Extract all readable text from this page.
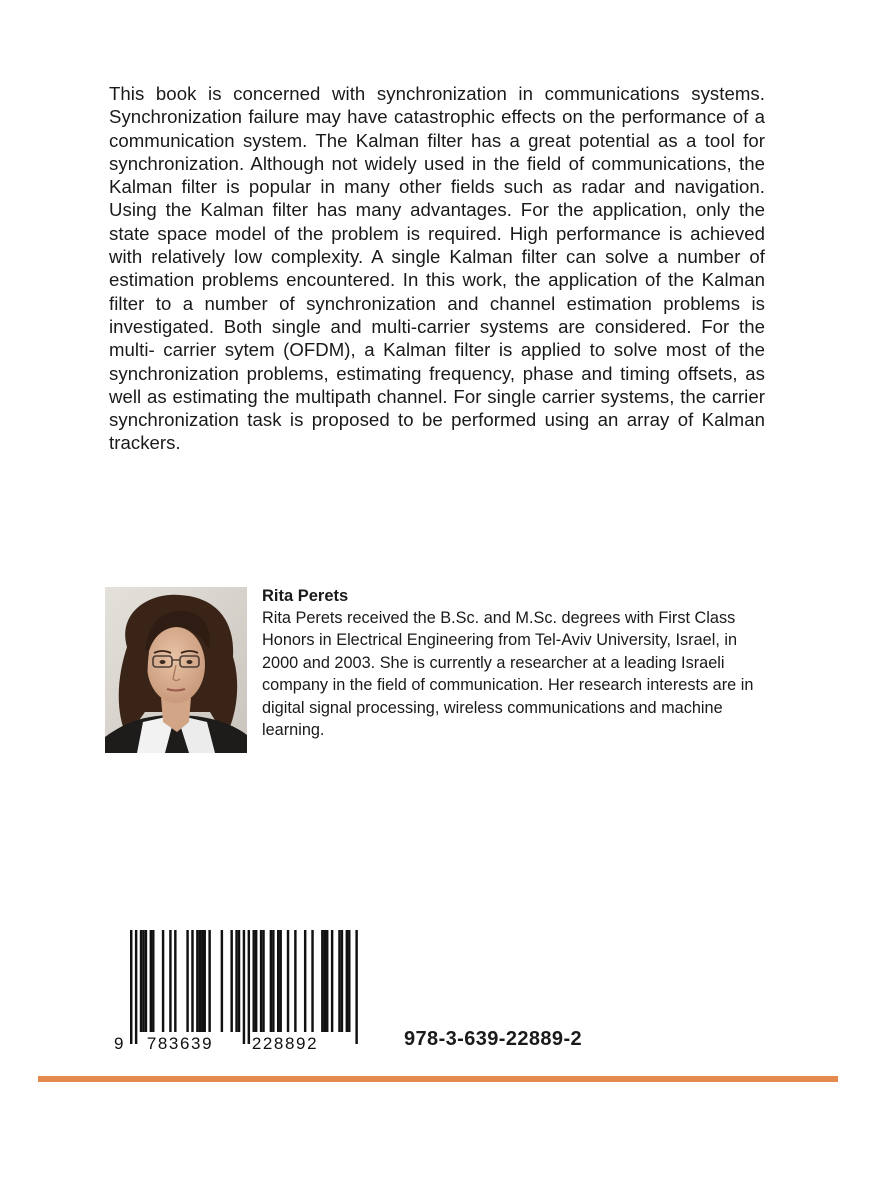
This book is concerned with synchronization in communications systems. Synchronization failure may have catastrophic effects on the performance of a communication system. The Kalman filter has a great potential as a tool for synchronization. Although not widely used in the field of communications, the Kalman filter is popular in many other fields such as radar and navigation. Using the Kalman filter has many advantages. For the application, only the state space model of the problem is required. High performance is achieved with relatively low complexity. A single Kalman filter can solve a number of estimation problems encountered. In this work, the application of the Kalman filter to a number of synchronization and channel estimation problems is investigated. Both single and multi-carrier systems are considered. For the multi- carrier sytem (OFDM), a Kalman filter is applied to solve most of the synchronization problems, estimating frequency, phase and timing offsets, as well as estimating the multipath channel. For single carrier systems, the carrier synchronization task is proposed to be performed using an array of Kalman trackers.

Rita Perets

Rita Perets received the B.Sc. and M.Sc. degrees with First Class Honors in Electrical Engineering from Tel-Aviv University, Israel, in 2000 and 2003. She is currently a researcher at a leading Israeli company in the field of communication. Her research interests are in digital signal processing, wireless communications and machine learning.

9 783639 228892	978-3-639-22889-2
